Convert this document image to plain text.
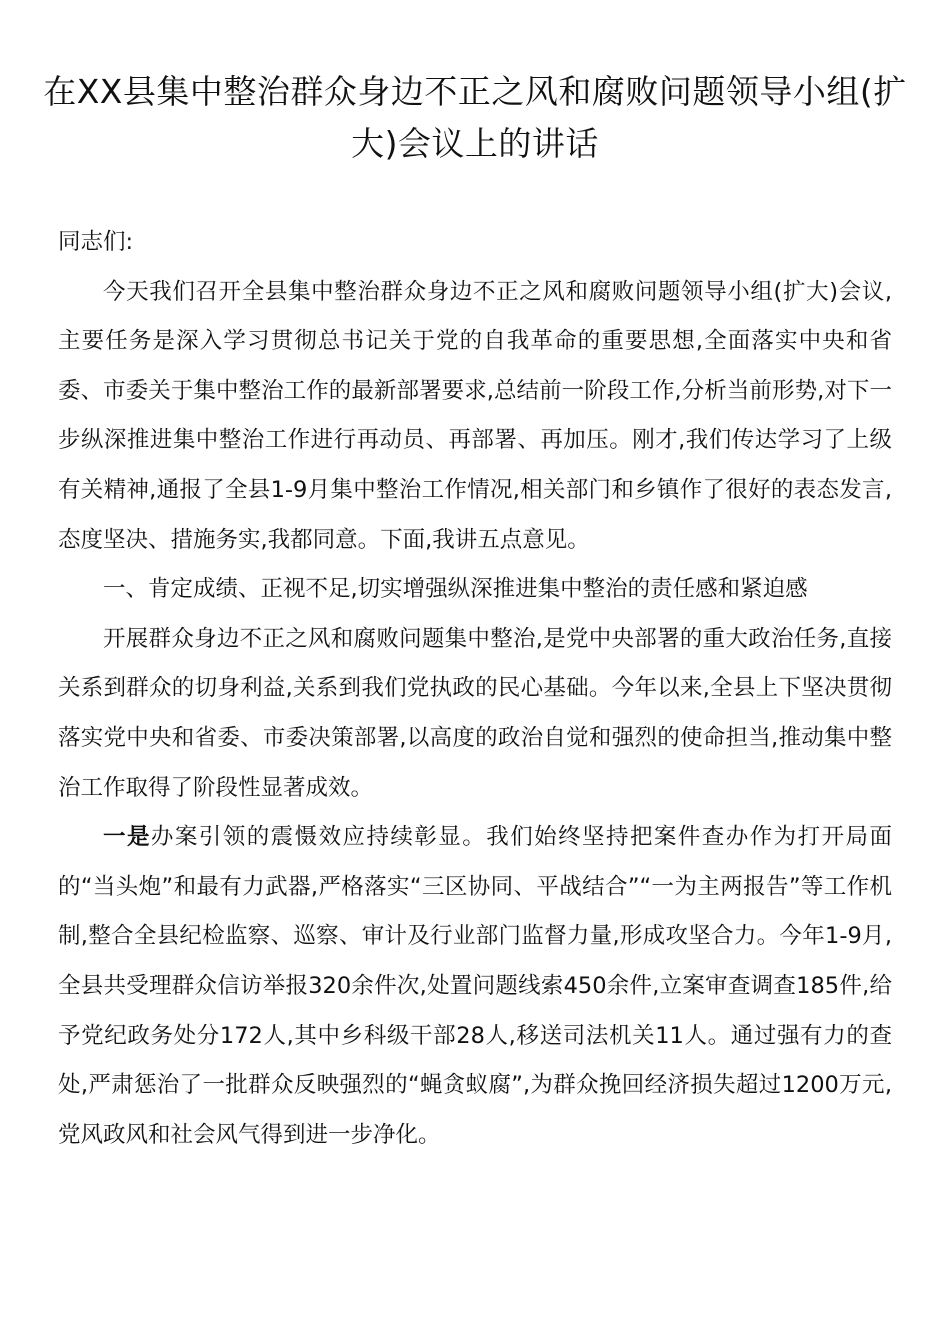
在XX县集中整治群众身边不正之风和腐败问题领导小组(扩大)会议上的讲话

同志们:

今天我们召开全县集中整治群众身边不正之风和腐败问题领导小组(扩大)会议,主要任务是深入学习贯彻总书记关于党的自我革命的重要思想,全面落实中央和省委、市委关于集中整治工作的最新部署要求,总结前一阶段工作,分析当前形势,对下一步纵深推进集中整治工作进行再动员、再部署、再加压。刚才,我们传达学习了上级有关精神,通报了全县1-9月集中整治工作情况,相关部门和乡镇作了很好的表态发言,态度坚决、措施务实,我都同意。下面,我讲五点意见。

一、肯定成绩、正视不足,切实增强纵深推进集中整治的责任感和紧迫感

开展群众身边不正之风和腐败问题集中整治,是党中央部署的重大政治任务,直接关系到群众的切身利益,关系到我们党执政的民心基础。今年以来,全县上下坚决贯彻落实党中央和省委、市委决策部署,以高度的政治自觉和强烈的使命担当,推动集中整治工作取得了阶段性显著成效。

一是办案引领的震慑效应持续彰显。我们始终坚持把案件查办作为打开局面的“当头炮”和最有力武器,严格落实“三区协同、平战结合”“一为主两报告”等工作机制,整合全县纪检监察、巡察、审计及行业部门监督力量,形成攻坚合力。今年1-9月,全县共受理群众信访举报320余件次,处置问题线索450余件,立案审查调查185件,给予党纪政务处分172人,其中乡科级干部28人,移送司法机关11人。通过强有力的查处,严肃惩治了一批群众反映强烈的“蝇贪蚁腐”,为群众挽回经济损失超过1200万元,党风政风和社会风气得到进一步净化。
